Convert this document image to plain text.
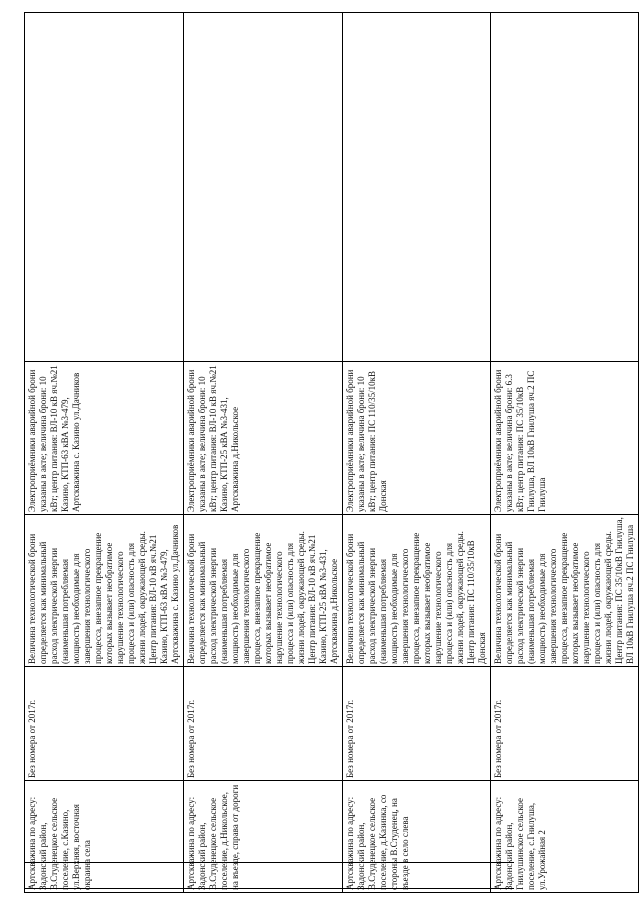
Артскважина по адресу: Задонский район, В.Студенецкое сельское поселение, с.Казино, ул.Верхняя, восточная окраина села	Без номера от 2017г.	Величина технологической брони определяется как минимальный расход электрической энергии (наименьшая потребляемая мощность) необходимые для завершения технологического процесса, внезапное прекращение которых вызывает необратимое нарушение технологического процесса и (или) опасность для жизни людей, окружающей среды. Центр питания: ВЛ-10 кВ яч.№21 Казино, КТП-63 кВА №3-479, Артскважина с. Казино ул.Дачников	Электроприёмники аварийной брони указаны в акте; величина брони: 10 кВт; центр питания: ВЛ-10 кВ яч.№21 Казино, КТП-63 кВА №3-479, Артскважина с. Казино ул.Дачников	
Артскважина по адресу: Задонский район, В.Студенецкое сельское поселение, д.Никольское, на въезде, справа от дороги	Без номера от 2017г.	Величина технологической брони определяется как минимальный расход электрической энергии (наименьшая потребляемая мощность) необходимые для завершения технологического процесса, внезапное прекращение которых вызывает необратимое нарушение технологического процесса и (или) опасность для жизни людей, окружающей среды. Центр питания: ВЛ-10 кВ яч.№21 Казино, КТП-25 кВА №3-431, Артскважина д.Никольское	Электроприёмники аварийной брони указаны в акте; величина брони: 10 кВт; центр питания: ВЛ-10 кВ яч.№21 Казино, КТП-25 кВА №3-431, Артскважина д.Никольское	
Артскважина по адресу: Задонский район, В.Студенецкое сельское поселение, д.Казинка, со стороны В.Студенец, на въезде в село слева	Без номера от 2017г.	Величина технологической брони определяется как минимальный расход электрической энергии (наименьшая потребляемая мощность) необходимые для завершения технологического процесса, внезапное прекращение которых вызывает необратимое нарушение технологического процесса и (или) опасность для жизни людей, окружающей среды. Центр питания: ПС 110/35/10кВ Донская	Электроприёмники аварийной брони указаны в акте; величина брони: 10 кВт; центр питания: ПС 110/35/10кВ Донская	
Артскважина по адресу: Задонский район, Гнилушинское сельское поселение, с.Гнилуша, ул.Урожайная 2	Без номера от 2017г.	Величина технологической брони определяется как минимальный расход электрической энергии (наименьшая потребляемая мощность) необходимые для завершения технологического процесса, внезапное прекращение которых вызывает необратимое нарушение технологического процесса и (или) опасность для жизни людей, окружающей среды. Центр питания: ПС 35/10кВ Гнилуша, ВЛ 10кВ Гнилуша яч.2 ПС Гнилуша	Электроприёмники аварийной брони указаны в акте; величина брони: 6.3 кВт; центр питания: ПС 35/10кВ Гнилуша, ВЛ 10кВ Гнилуша яч.2 ПС Гнилуша	
